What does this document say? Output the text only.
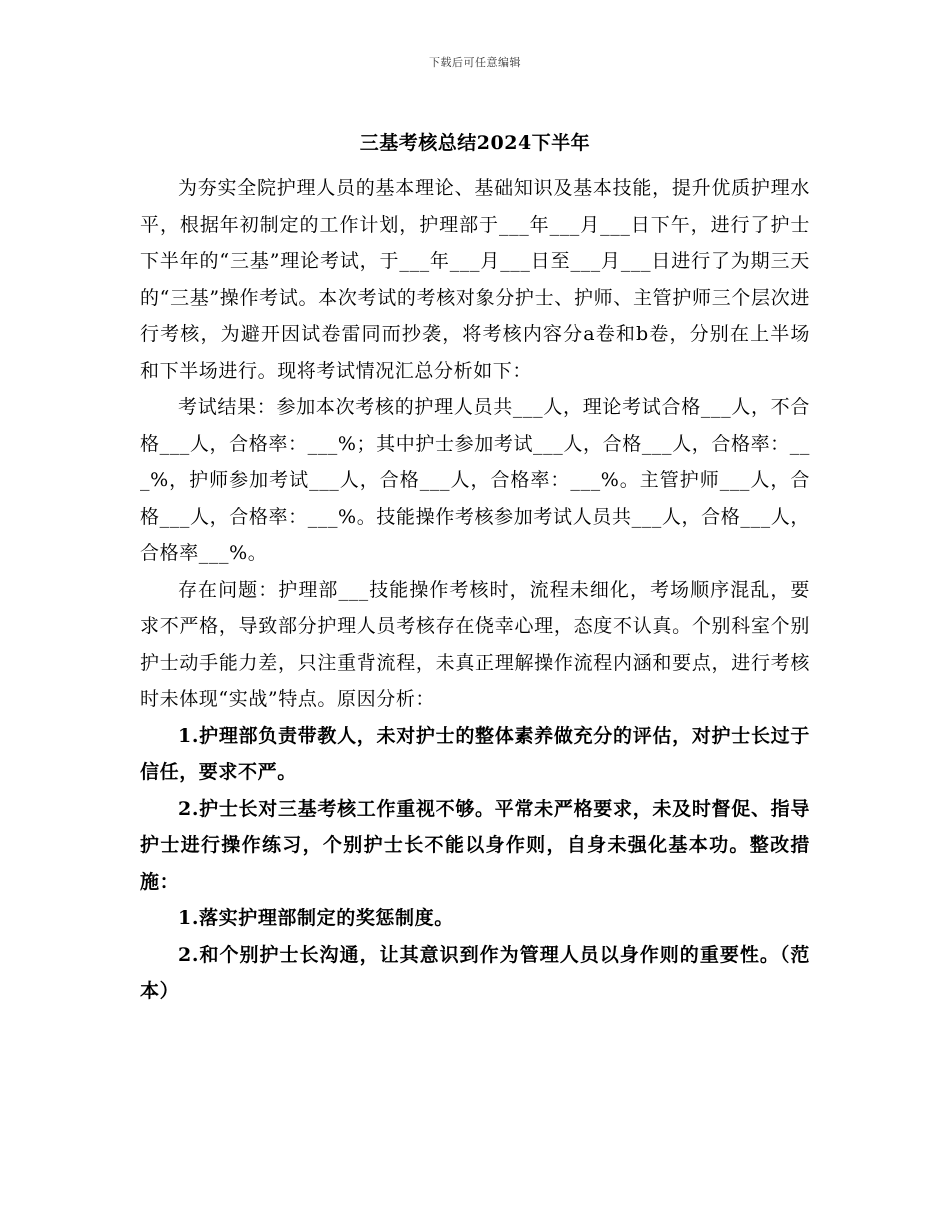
下载后可任意编辑
三基考核总结2024下半年

为夯实全院护理人员的基本理论、基础知识及基本技能，提升优质护理水平，根据年初制定的工作计划，护理部于___年___月___日下午，进行了护士下半年的“三基”理论考试，于___年___月___日至___月___日进行了为期三天的“三基”操作考试。本次考试的考核对象分护士、护师、主管护师三个层次进行考核，为避开因试卷雷同而抄袭，将考核内容分a卷和b卷，分别在上半场和下半场进行。现将考试情况汇总分析如下：

考试结果：参加本次考核的护理人员共___人，理论考试合格___人，不合格___人，合格率：___%；其中护士参加考试___人，合格___人，合格率：___%，护师参加考试___人，合格___人，合格率：___%。主管护师___人，合格___人，合格率：___%。技能操作考核参加考试人员共___人，合格___人，合格率___%。

存在问题：护理部___技能操作考核时，流程未细化，考场顺序混乱，要求不严格，导致部分护理人员考核存在侥幸心理，态度不认真。个别科室个别护士动手能力差，只注重背流程，未真正理解操作流程内涵和要点，进行考核时未体现“实战”特点。原因分析：

1.护理部负责带教人，未对护士的整体素养做充分的评估，对护士长过于信任，要求不严。

2.护士长对三基考核工作重视不够。平常未严格要求，未及时督促、指导护士进行操作练习，个别护士长不能以身作则，自身未强化基本功。整改措施：

1.落实护理部制定的奖惩制度。

2.和个别护士长沟通，让其意识到作为管理人员以身作则的重要性。（范本）
